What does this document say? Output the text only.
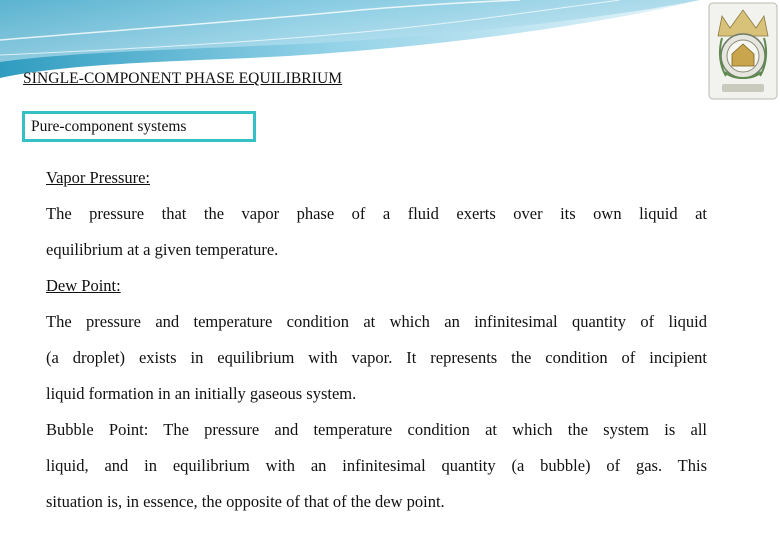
SINGLE-COMPONENT PHASE EQUILIBRIUM
Pure-component systems

Vapor Pressure:

The pressure that the vapor phase of a fluid exerts over its own liquid at

equilibrium at a given temperature.

Dew Point:

The pressure and temperature condition at which an infinitesimal quantity of liquid

(a droplet) exists in equilibrium with vapor. It represents the condition of incipient

liquid formation in an initially gaseous system.

Bubble Point: The pressure and temperature condition at which the system is all

liquid, and in equilibrium with an infinitesimal quantity (a bubble) of gas. This

situation is, in essence, the opposite of that of the dew point.
